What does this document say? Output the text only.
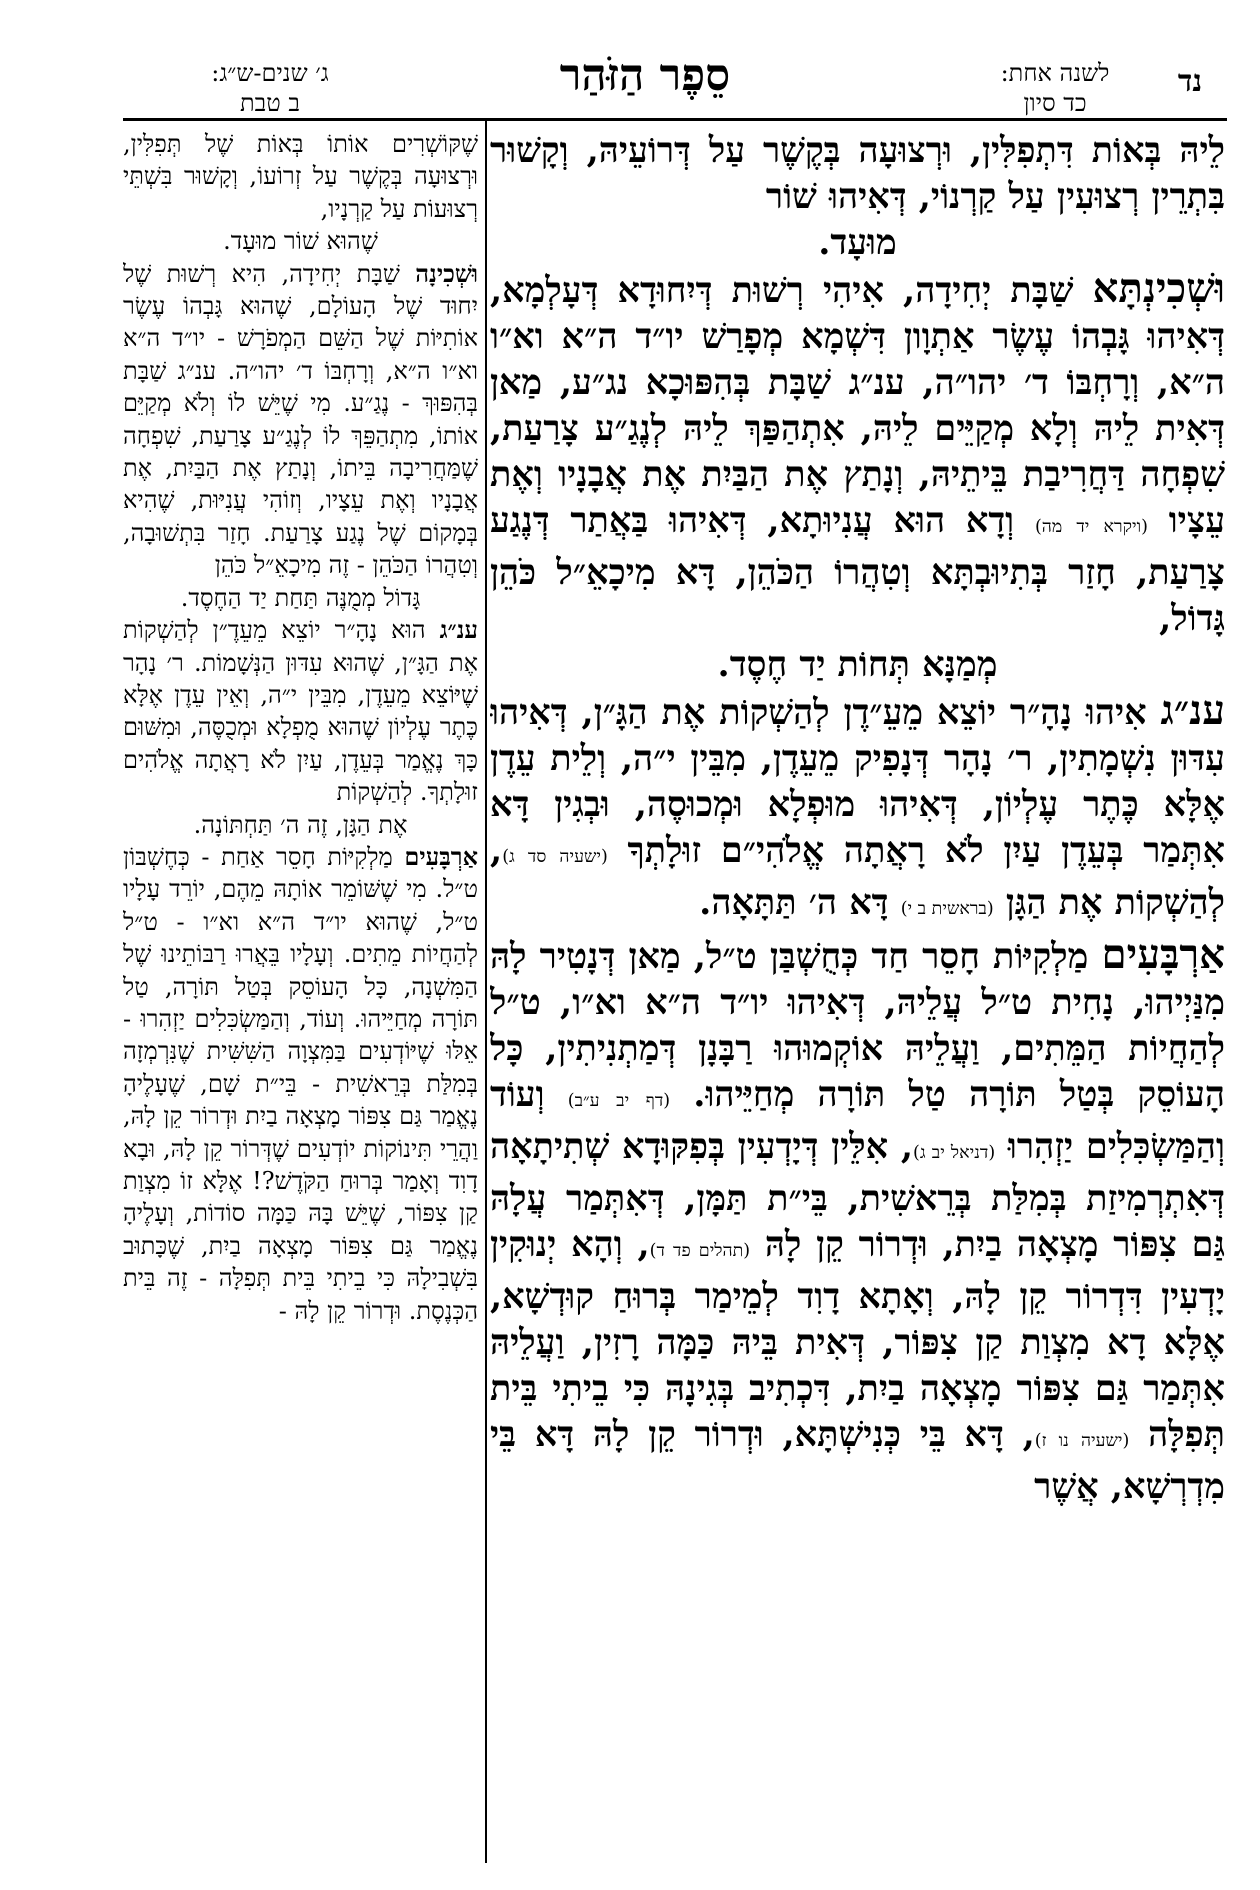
ג׳ שנים-ש״ג:
ב טבת
סֵפֶר הַזֹּהַר	לשנה אחת:
כד סיון
נד

לֵיהּ בְּאוֹת דִּתְפִלִּין, וּרְצוּעָה בְּקֶשֶׁר עַל דְּרוֹעֵיהּ, וְקָשׁוּר בִּתְרֵין רְצוּעִין עַל קַרְנוֹי, דְּאִיהוּ שׁוֹר

מוּעָד.

וּשְׁכִינְתָּא שַׁבָּת יְחִידָה, אִיהִי רְשׁוּת דְּיִחוּדָא דְּעָלְמָא, דְּאִיהוּ גָּבְהוֹ עֶשֶׂר אַתְוָון דִּשְׁמָא מְפָרַשׁ יו״ד ה״א וא״ו ה״א, וְרָחְבּוֹ ד׳ יהו״ה, ענ״ג שַׁבָּת בְּהִפּוּכָא נג״ע, מַאן דְּאִית לֵיהּ וְלָא מְקַיֵּים לֵיהּ, אִתְהַפַּךְ לֵיהּ לְנֶגַ״ע צָרַעַת, שִׁפְחָה דַּחֲרִיבַת בֵּיתֵיהּ, וְנָתַץ אֶת הַבַּיִת אֶת אֲבָנָיו וְאֶת עֵצָיו (ויקרא יד מה) וְדָא הוּא עֲנִיוּתָא, דְּאִיהוּ בַּאֲתַר דְּנֶגַע צָרַעַת, חָזַר בְּתִיוּבְתָּא וְטִהֲרוֹ הַכֹּהֵן, דָּא מִיכָאֵ״ל כֹּהֵן גָּדוֹל,

מְמַנָּא תְּחוֹת יַד חֶסֶד.

ענ״ג אִיהוּ נָהָ״ר יוֹצֵא מֵעֵ״דֶן לְהַשְׁקוֹת אֶת הַגָּ״ן, דְּאִיהוּ עִדּוּן נִשְׁמָתִין, ר׳ נָהָר דְּנָפִיק מֵעֵדֶן, מִבֵּין י״ה, וְלֵית עֵדֶן אֶלָּא כֶּתֶר עֶלְיוֹן, דְּאִיהוּ מוּפְלָא וּמְכוּסֶה, וּבְגִין דָּא אִתְּמַר בְּעֵדֶן עַיִן לֹא רָאֲתָה אֱלֹהִי״ם זוּלָתְךָ (ישעיה סד ג), לְהַשְׁקוֹת אֶת הַגָּן (בראשית ב י) דָּא ה׳ תַּתָּאָה.

אַרְבָּעִים מַלְקִיּוֹת חָסֵר חַד כְּחֻשְׁבַּן ט״ל, מַאן דְּנָטִיר לָהּ מִנַּיְיהוּ, נָחִית ט״ל עֲלֵיהּ, דְּאִיהוּ יו״ד ה״א וא״ו, ט״ל לְהַחֲיוֹת הַמֵּתִים, וַעֲלֵיהּ אוֹקְמוּהוּ רַבָּנָן דְּמַתְנִיתִין, כָּל הָעוֹסֵק בְּטַל תּוֹרָה טַל תּוֹרָה מְחַיֵּיהוּ. (דף יב ע״ב) וְעוֹד וְהַמַּשְׂכִּלִים יַזְהִרוּ (דניאל יב ג), אִלֵּין דְּיָדְעִין בְּפִקּוּדָא שְׁתִיתָאָה דְּאִתְרְמִיזַת בְּמִלַּת בְּרֵאשִׁית, בֵּי״ת תַּמָּן, דְּאִתְּמַר עֲלָהּ גַּם צִפּוֹר מָצְאָה בַיִת, וּדְרוֹר קֵן לָהּ (תהלים פד ד), וְהָא יְנוּקִין יָדְעִין דִּדְרוֹר קֵן לָהּ, וְאָתָא דָוִד לְמֵימַר בְּרוּחַ קוּדְשָׁא, אֶלָּא דָא מִצְוַת קַן צִפּוֹר, דְּאִית בֵּיהּ כַּמָּה רָזִין, וַעֲלֵיהּ אִתְּמַר גַּם צִפּוֹר מָצְאָה בַיִת, דִּכְתִיב בְּגִינָהּ כִּי בֵיתִי בֵּית תְּפִלָּה (ישעיה נו ז), דָּא בֵּי כְּנִישְׁתָּא, וּדְרוֹר קֵן לָהּ דָּא בֵּי מִדְרְשָׁא, אֲשֶׁר

שֶׁקּוֹשְׁרִים אוֹתוֹ בְּאוֹת שֶׁל תְּפִלִּין, וּרְצוּעָה בְּקֶשֶׁר עַל זְרוֹעוֹ, וְקָשׁוּר בִּשְׁתֵּי רְצוּעוֹת עַל קַרְנָיו,

שֶׁהוּא שׁוֹר מוּעָד.

וּשְׁכִינָה שַׁבָּת יְחִידָה, הִיא רְשׁוּת שֶׁל יִחוּד שֶׁל הָעוֹלָם, שֶׁהוּא גָּבְהוֹ עֶשֶׂר אוֹתִיּוֹת שֶׁל הַשֵּׁם הַמְפֹרָשׁ - יו״ד ה״א וא״ו ה״א, וְרָחְבּוֹ ד׳ יהו״ה. ענ״ג שַׁבָּת בְּהִפּוּךְ - נֶגַ״ע. מִי שֶׁיֵּשׁ לוֹ וְלֹא מְקַיֵּם אוֹתוֹ, מִתְהַפֵּךְ לוֹ לְנֶגַ״ע צָרַעַת, שִׁפְחָה שֶׁמַּחֲרִיבָה בֵּיתוֹ, וְנָתַץ אֶת הַבַּיִת, אֶת אֲבָנָיו וְאֶת עֵצָיו, וְזוֹהִי עֲנִיּוּת, שֶׁהִיא בְּמָקוֹם שֶׁל נֶגַע צָרַעַת. חָזַר בִּתְשׁוּבָה, וְטִהֲרוֹ הַכֹּהֵן - זֶה מִיכָאֵ״ל כֹּהֵן

גָּדוֹל מְמֻנֶּה תַּחַת יַד הַחֶסֶד.

ענ״ג הוּא נָהָ״ר יוֹצֵא מֵעֵדֶ״ן לְהַשְׁקוֹת אֶת הַגָּ״ן, שֶׁהוּא עִדּוּן הַנְּשָׁמוֹת. ר׳ נָהָר שֶׁיּוֹצֵא מֵעֵדֶן, מִבֵּין י״ה, וְאֵין עֵדֶן אֶלָּא כֶּתֶר עֶלְיוֹן שֶׁהוּא מֻפְלָא וּמְכֻסֶּה, וּמִשּׁוּם כָּךְ נֶאֱמַר בְּעֵדֶן, עַיִן לֹא רָאֲתָה אֱלֹהִים זוּלָתְךָ. לְהַשְׁקוֹת

אֶת הַגָּן, זֶה ה׳ תַּחְתּוֹנָה.

אַרְבָּעִים מַלְקִיּוֹת חָסֵר אַחַת - כְּחֶשְׁבּוֹן ט״ל. מִי שֶׁשּׁוֹמֵר אוֹתָהּ מֵהֶם, יוֹרֵד עָלָיו ט״ל, שֶׁהוּא יו״ד ה״א וא״ו - ט״ל לְהַחֲיוֹת מֵתִים. וְעָלָיו בֵּאֲרוּ רַבּוֹתֵינוּ שֶׁל הַמִּשְׁנָה, כָּל הָעוֹסֵק בְּטַל תּוֹרָה, טַל תּוֹרָה מְחַיֵּיהוּ. וְעוֹד, וְהַמַּשְׂכִּלִים יַזְהִרוּ - אֵלּוּ שֶׁיּוֹדְעִים בַּמִּצְוָה הַשִּׁשִּׁית שֶׁנִּרְמְזָה בְּמִלַּת בְּרֵאשִׁית - בֵּי״ת שָׁם, שֶׁעָלֶיהָ נֶאֱמַר גַּם צִפּוֹר מָצְאָה בַיִת וּדְרוֹר קֵן לָהּ, וַהֲרֵי תִּינוֹקוֹת יוֹדְעִים שֶׁדְּרוֹר קֵן לָהּ, וּבָא דָוִד וְאָמַר בְּרוּחַ הַקֹּדֶשׁ?! אֶלָּא זוֹ מִצְוַת קַן צִפּוֹר, שֶׁיֵּשׁ בָּהּ כַּמָּה סוֹדוֹת, וְעָלֶיהָ נֶאֱמַר גַּם צִפּוֹר מָצְאָה בַיִת, שֶׁכָּתוּב בִּשְׁבִילָהּ כִּי בֵיתִי בֵּית תְּפִלָּה - זֶה בֵּית הַכְּנֶסֶת. וּדְרוֹר קֵן לָהּ -
